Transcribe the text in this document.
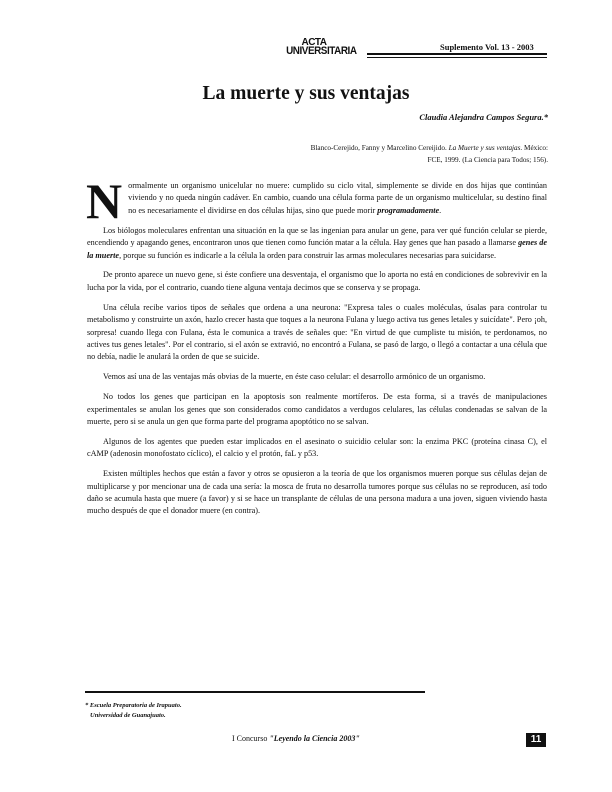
ACTA
UNIVERSITARIA	Suplemento Vol. 13 - 2003
La muerte y sus ventajas
Claudia Alejandra Campos Segura.*
Blanco-Cerejido, Fanny y Marcelino Cereijido. La Muerte y sus ventajas. México: FCE, 1999. (La Ciencia para Todos; 156).

Normalmente un organismo unicelular no muere: cumplido su ciclo vital, simplemente se divide en dos hijas que continúan viviendo y no queda ningún cadáver. En cambio, cuando una célula forma parte de un organismo multicelular, su destino final no es necesariamente el dividirse en dos células hijas, sino que puede morir programadamente.

Los biólogos moleculares enfrentan una situación en la que se las ingenian para anular un gene, para ver qué función celular se pierde, encendiendo y apagando genes, encontraron unos que tienen como función matar a la célula. Hay genes que han pasado a llamarse genes de la muerte, porque su función es indicarle a la célula la orden para construir las armas moleculares necesarias para suicidarse.

De pronto aparece un nuevo gene, si éste confiere una desventaja, el organismo que lo aporta no está en condiciones de sobrevivir en la lucha por la vida, por el contrario, cuando tiene alguna ventaja decimos que se conserva y se propaga.

Una célula recibe varios tipos de señales que ordena a una neurona: "Expresa tales o cuales moléculas, úsalas para controlar tu metabolismo y construirte un axón, hazlo crecer hasta que toques a la neurona Fulana y luego activa tus genes letales y suicídate". Pero ¡oh, sorpresa! cuando llega con Fulana, ésta le comunica a través de señales que: "En virtud de que cumpliste tu misión, te perdonamos, no actives tus genes letales". Por el contrario, si el axón se extravió, no encontró a Fulana, se pasó de largo, o llegó a contactar a una célula que no debía, nadie le anulará la orden de que se suicide.

Vemos así una de las ventajas más obvias de la muerte, en éste caso celular: el desarrollo armónico de un organismo.

No todos los genes que participan en la apoptosis son realmente mortíferos. De esta forma, si a través de manipulaciones experimentales se anulan los genes que son considerados como candidatos a verdugos celulares, las células condenadas se salvan de la muerte, pero si se anula un gen que forma parte del programa apoptótico no se salvan.

Algunos de los agentes que pueden estar implicados en el asesinato o suicidio celular son: la enzima PKC (proteína cinasa C), el cAMP (adenosin monofostato cíclico), el calcio y el protón, faL y p53.

Existen múltiples hechos que están a favor y otros se opusieron a la teoría de que los organismos mueren porque sus células dejan de multiplicarse y por mencionar una de cada una sería: la mosca de fruta no desarrolla tumores porque sus células no se reproducen, así todo daño se acumula hasta que muere (a favor) y si se hace un transplante de células de una persona madura a una joven, siguen viviendo hasta mucho después de que el donador muere (en contra).

* Escuela Preparatoria de Irapuato.
Universidad de Guanajuato.
I Concurso "Leyendo la Ciencia 2003"	11
